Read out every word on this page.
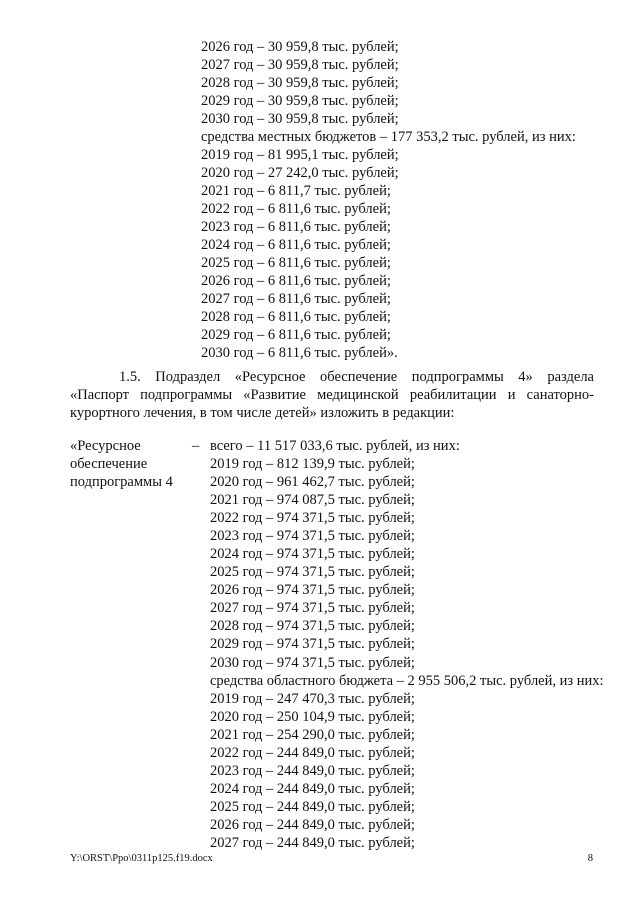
2026 год – 30 959,8 тыс. рублей;
2027 год – 30 959,8 тыс. рублей;
2028 год – 30 959,8 тыс. рублей;
2029 год – 30 959,8 тыс. рублей;
2030 год – 30 959,8 тыс. рублей;
средства местных бюджетов – 177 353,2 тыс. рублей, из них:
2019 год – 81 995,1 тыс. рублей;
2020 год – 27 242,0 тыс. рублей;
2021 год – 6 811,7 тыс. рублей;
2022 год – 6 811,6 тыс. рублей;
2023 год – 6 811,6 тыс. рублей;
2024 год – 6 811,6 тыс. рублей;
2025 год – 6 811,6 тыс. рублей;
2026 год – 6 811,6 тыс. рублей;
2027 год – 6 811,6 тыс. рублей;
2028 год – 6 811,6 тыс. рублей;
2029 год – 6 811,6 тыс. рублей;
2030 год – 6 811,6 тыс. рублей».
1.5. Подраздел «Ресурсное обеспечение подпрограммы 4» раздела
«Паспорт подпрограммы «Развитие медицинской реабилитации и санаторно-
курортного лечения, в том числе детей» изложить в редакции:
«Ресурсное
обеспечение
подпрограммы 4
– всего – 11 517 033,6 тыс. рублей, из них:
2019 год – 812 139,9 тыс. рублей;
2020 год – 961 462,7 тыс. рублей;
2021 год – 974 087,5 тыс. рублей;
2022 год – 974 371,5 тыс. рублей;
2023 год – 974 371,5 тыс. рублей;
2024 год – 974 371,5 тыс. рублей;
2025 год – 974 371,5 тыс. рублей;
2026 год – 974 371,5 тыс. рублей;
2027 год – 974 371,5 тыс. рублей;
2028 год – 974 371,5 тыс. рублей;
2029 год – 974 371,5 тыс. рублей;
2030 год – 974 371,5 тыс. рублей;
средства областного бюджета – 2 955 506,2 тыс. рублей, из них:
2019 год – 247 470,3 тыс. рублей;
2020 год – 250 104,9 тыс. рублей;
2021 год – 254 290,0 тыс. рублей;
2022 год – 244 849,0 тыс. рублей;
2023 год – 244 849,0 тыс. рублей;
2024 год – 244 849,0 тыс. рублей;
2025 год – 244 849,0 тыс. рублей;
2026 год – 244 849,0 тыс. рублей;
2027 год – 244 849,0 тыс. рублей;
Y:\ORST\Ppo\0311p125.f19.docx	8
